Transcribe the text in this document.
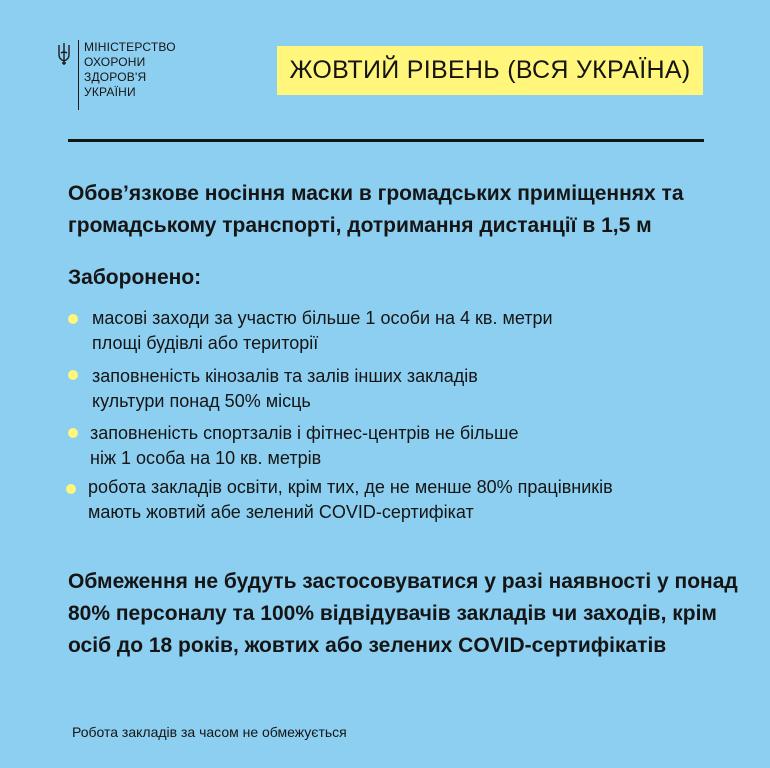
МІНІСТЕРСТВО
ОХОРОНИ
ЗДОРОВ'Я
УКРАЇНИ
ЖОВТИЙ РІВЕНЬ (ВСЯ УКРАЇНА)
Обов’язкове носіння маски в громадських приміщеннях та громадському транспорті, дотримання дистанції в 1,5 м
Заборонено:
масові заходи за участю більше 1 особи на 4 кв. метри
площі будівлі або території
заповненість кінозалів та залів інших закладів
культури понад 50% місць
заповненість спортзалів і фітнес-центрів не більше
ніж 1 особа на 10 кв. метрів
робота закладів освіти, крім тих, де не менше 80% працівників
мають жовтий абе зелений COVID-сертифікат
Обмеження не будуть застосовуватися у разі наявності у понад 80% персоналу та 100% відвідувачів закладів чи заходів, крім осіб до 18 років, жовтих або зелених COVID-сертифікатів
Робота закладів за часом не обмежується
